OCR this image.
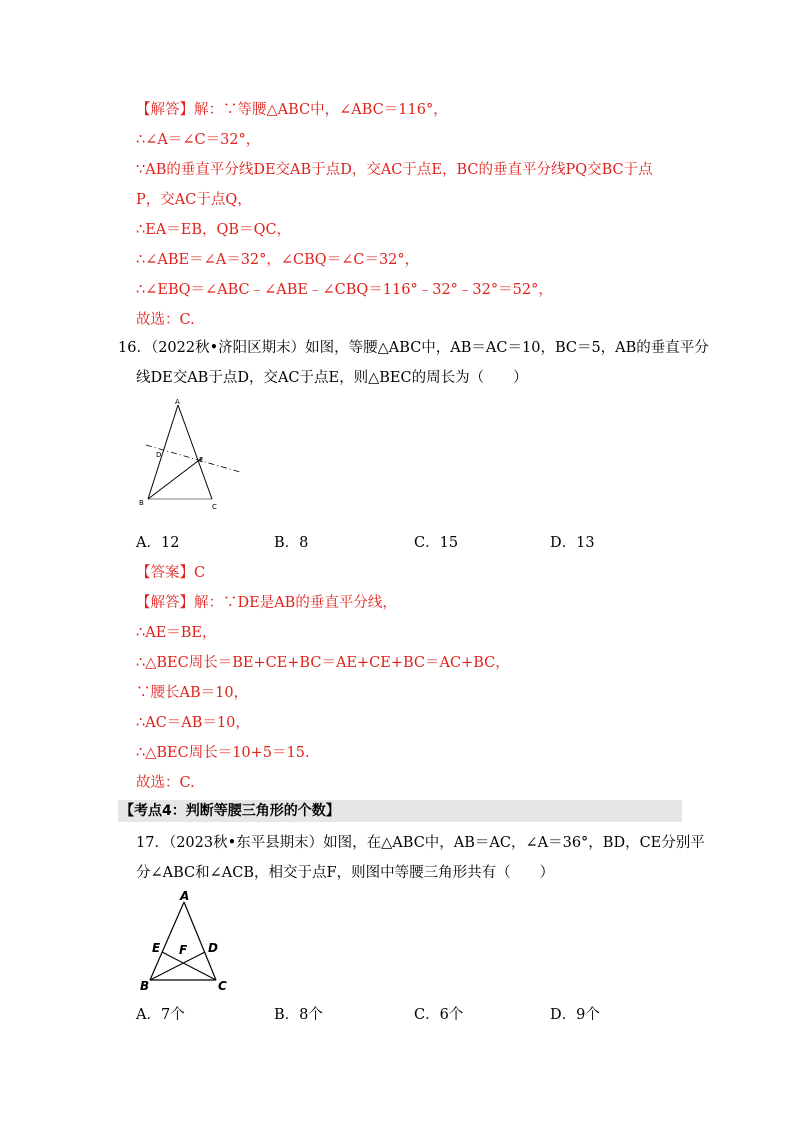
【解答】解：∵等腰△ABC中，∠ABC＝116°，
∴∠A＝∠C＝32°，
∵AB的垂直平分线DE交AB于点D，交AC于点E，BC的垂直平分线PQ交BC于点
P，交AC于点Q，
∴EA＝EB，QB＝QC，
∴∠ABE＝∠A＝32°，∠CBQ＝∠C＝32°，
∴∠EBQ＝∠ABC﹣∠ABE﹣∠CBQ＝116°﹣32°﹣32°＝52°，
故选：C.
16．（2022秋•济阳区期末）如图，等腰△ABC中，AB＝AC＝10，BC＝5，AB的垂直平分
线DE交AB于点D，交AC于点E，则△BEC的周长为（　　）
A
B	C
D
E
A．12	B．8	C．15	D．13
【答案】C
【解答】解：∵DE是AB的垂直平分线，
∴AE＝BE，
∴△BEC周长＝BE+CE+BC＝AE+CE+BC＝AC+BC，
∵腰长AB＝10，
∴AC＝AB＝10，
∴△BEC周长＝10+5＝15.
故选：C.
【考点4：判断等腰三角形的个数】
17．（2023秋•东平县期末）如图，在△ABC中，AB＝AC，∠A＝36°，BD，CE分别平
分∠ABC和∠ACB，相交于点F，则图中等腰三角形共有（　　）
A
B	C
D
E F
A．7个	B．8个	C．6个	D．9个
